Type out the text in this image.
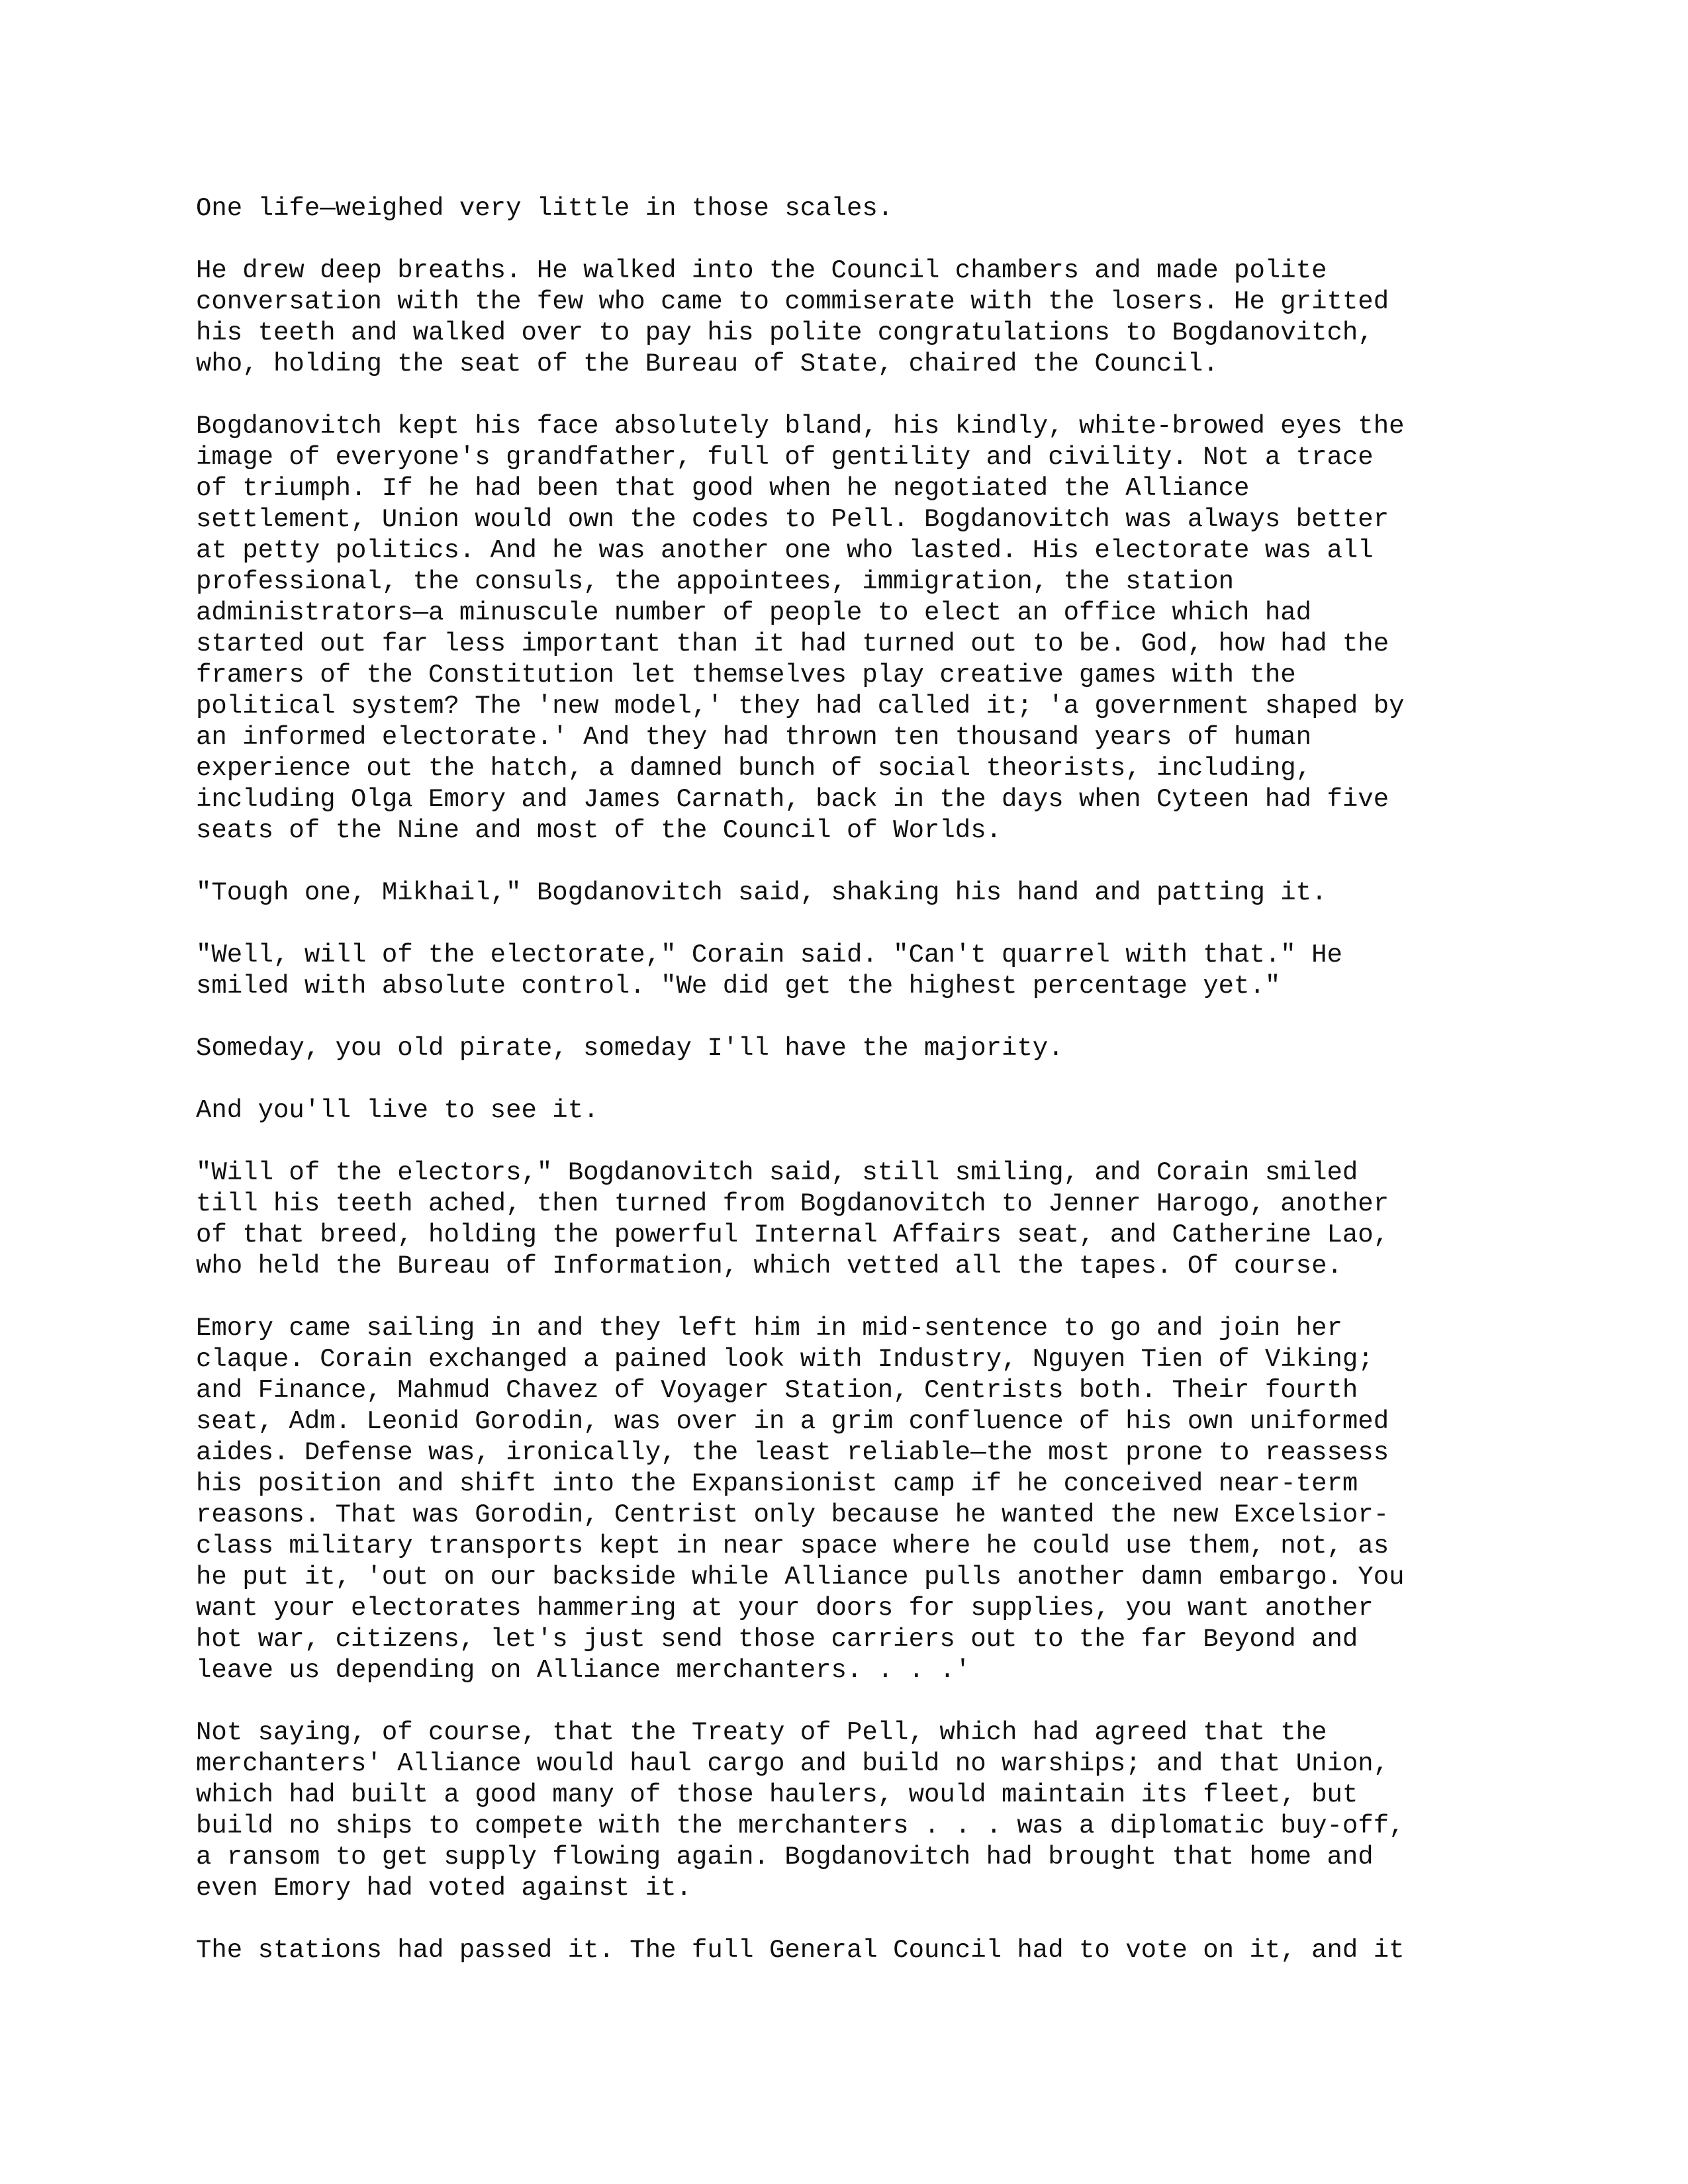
One life—weighed very little in those scales.

He drew deep breaths. He walked into the Council chambers and made polite
conversation with the few who came to commiserate with the losers. He gritted
his teeth and walked over to pay his polite congratulations to Bogdanovitch,
who, holding the seat of the Bureau of State, chaired the Council.

Bogdanovitch kept his face absolutely bland, his kindly, white-browed eyes the
image of everyone's grandfather, full of gentility and civility. Not a trace
of triumph. If he had been that good when he negotiated the Alliance
settlement, Union would own the codes to Pell. Bogdanovitch was always better
at petty politics. And he was another one who lasted. His electorate was all
professional, the consuls, the appointees, immigration, the station
administrators—a minuscule number of people to elect an office which had
started out far less important than it had turned out to be. God, how had the
framers of the Constitution let themselves play creative games with the
political system? The 'new model,' they had called it; 'a government shaped by
an informed electorate.' And they had thrown ten thousand years of human
experience out the hatch, a damned bunch of social theorists, including,
including Olga Emory and James Carnath, back in the days when Cyteen had five
seats of the Nine and most of the Council of Worlds.

"Tough one, Mikhail," Bogdanovitch said, shaking his hand and patting it.

"Well, will of the electorate," Corain said. "Can't quarrel with that." He
smiled with absolute control. "We did get the highest percentage yet."

Someday, you old pirate, someday I'll have the majority.

And you'll live to see it.

"Will of the electors," Bogdanovitch said, still smiling, and Corain smiled
till his teeth ached, then turned from Bogdanovitch to Jenner Harogo, another
of that breed, holding the powerful Internal Affairs seat, and Catherine Lao,
who held the Bureau of Information, which vetted all the tapes. Of course.

Emory came sailing in and they left him in mid-sentence to go and join her
claque. Corain exchanged a pained look with Industry, Nguyen Tien of Viking;
and Finance, Mahmud Chavez of Voyager Station, Centrists both. Their fourth
seat, Adm. Leonid Gorodin, was over in a grim confluence of his own uniformed
aides. Defense was, ironically, the least reliable—the most prone to reassess
his position and shift into the Expansionist camp if he conceived near-term
reasons. That was Gorodin, Centrist only because he wanted the new Excelsior-
class military transports kept in near space where he could use them, not, as
he put it, 'out on our backside while Alliance pulls another damn embargo. You
want your electorates hammering at your doors for supplies, you want another
hot war, citizens, let's just send those carriers out to the far Beyond and
leave us depending on Alliance merchanters. . . .'

Not saying, of course, that the Treaty of Pell, which had agreed that the
merchanters' Alliance would haul cargo and build no warships; and that Union,
which had built a good many of those haulers, would maintain its fleet, but
build no ships to compete with the merchanters . . . was a diplomatic buy-off,
a ransom to get supply flowing again. Bogdanovitch had brought that home and
even Emory had voted against it.

The stations had passed it. The full General Council had to vote on it, and it
